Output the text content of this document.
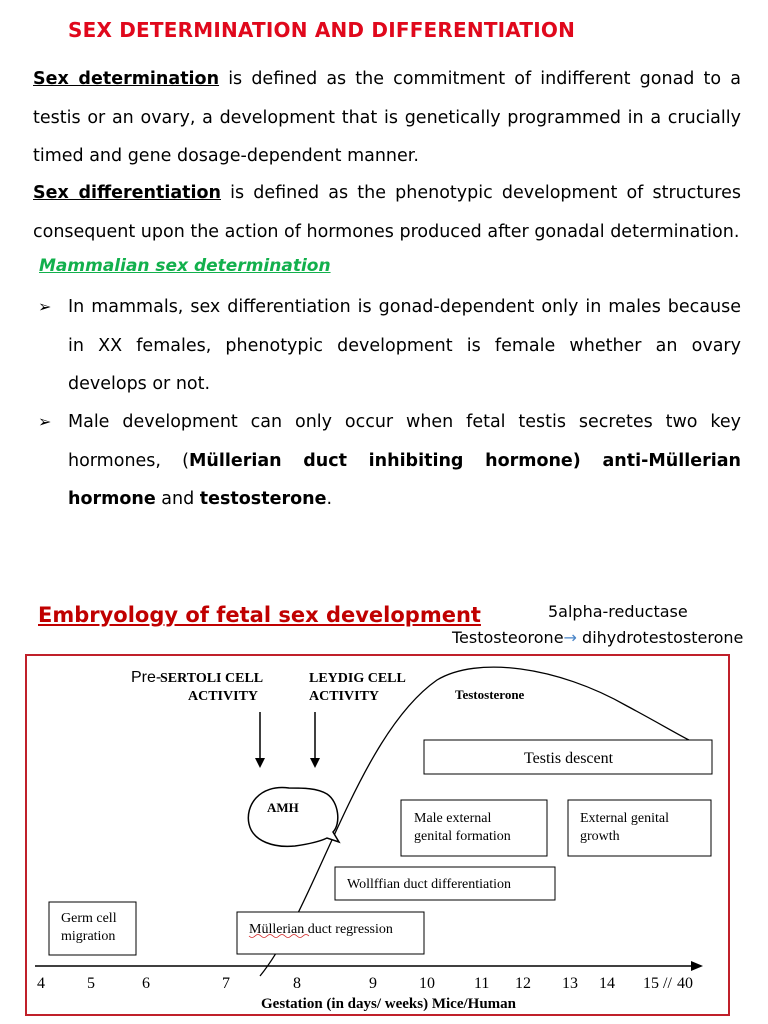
SEX DETERMINATION AND DIFFERENTIATION
Sex determination is defined as the commitment of indifferent gonad to a testis or an ovary, a development that is genetically programmed in a crucially timed and gene dosage-dependent manner.
Sex differentiation is defined as the phenotypic development of structures consequent upon the action of hormones produced after gonadal determination.
Mammalian sex determination
➢ In mammals, sex differentiation is gonad-dependent only in males because in XX females, phenotypic development is female whether an ovary develops or not.
➢ Male development can only occur when fetal testis secretes two key hormones, (Müllerian duct inhibiting hormone) anti-Müllerian hormone and testosterone.
Embryology of fetal sex development	5alpha-reductase
Testosteorone→ dihydrotestosterone
Pre-
SERTOLI CELL
ACTIVITY
LEYDIG CELL
ACTIVITY	Testosterone
AMH
Testis descent
Male external
genital formation
External genital
growth
Wollffian duct differentiation
Germ cell
migration	Müllerian duct regression
4	5	6	7	8	9	10 11 12 13 14 15 // 40
Gestation (in days/ weeks) Mice/Human
